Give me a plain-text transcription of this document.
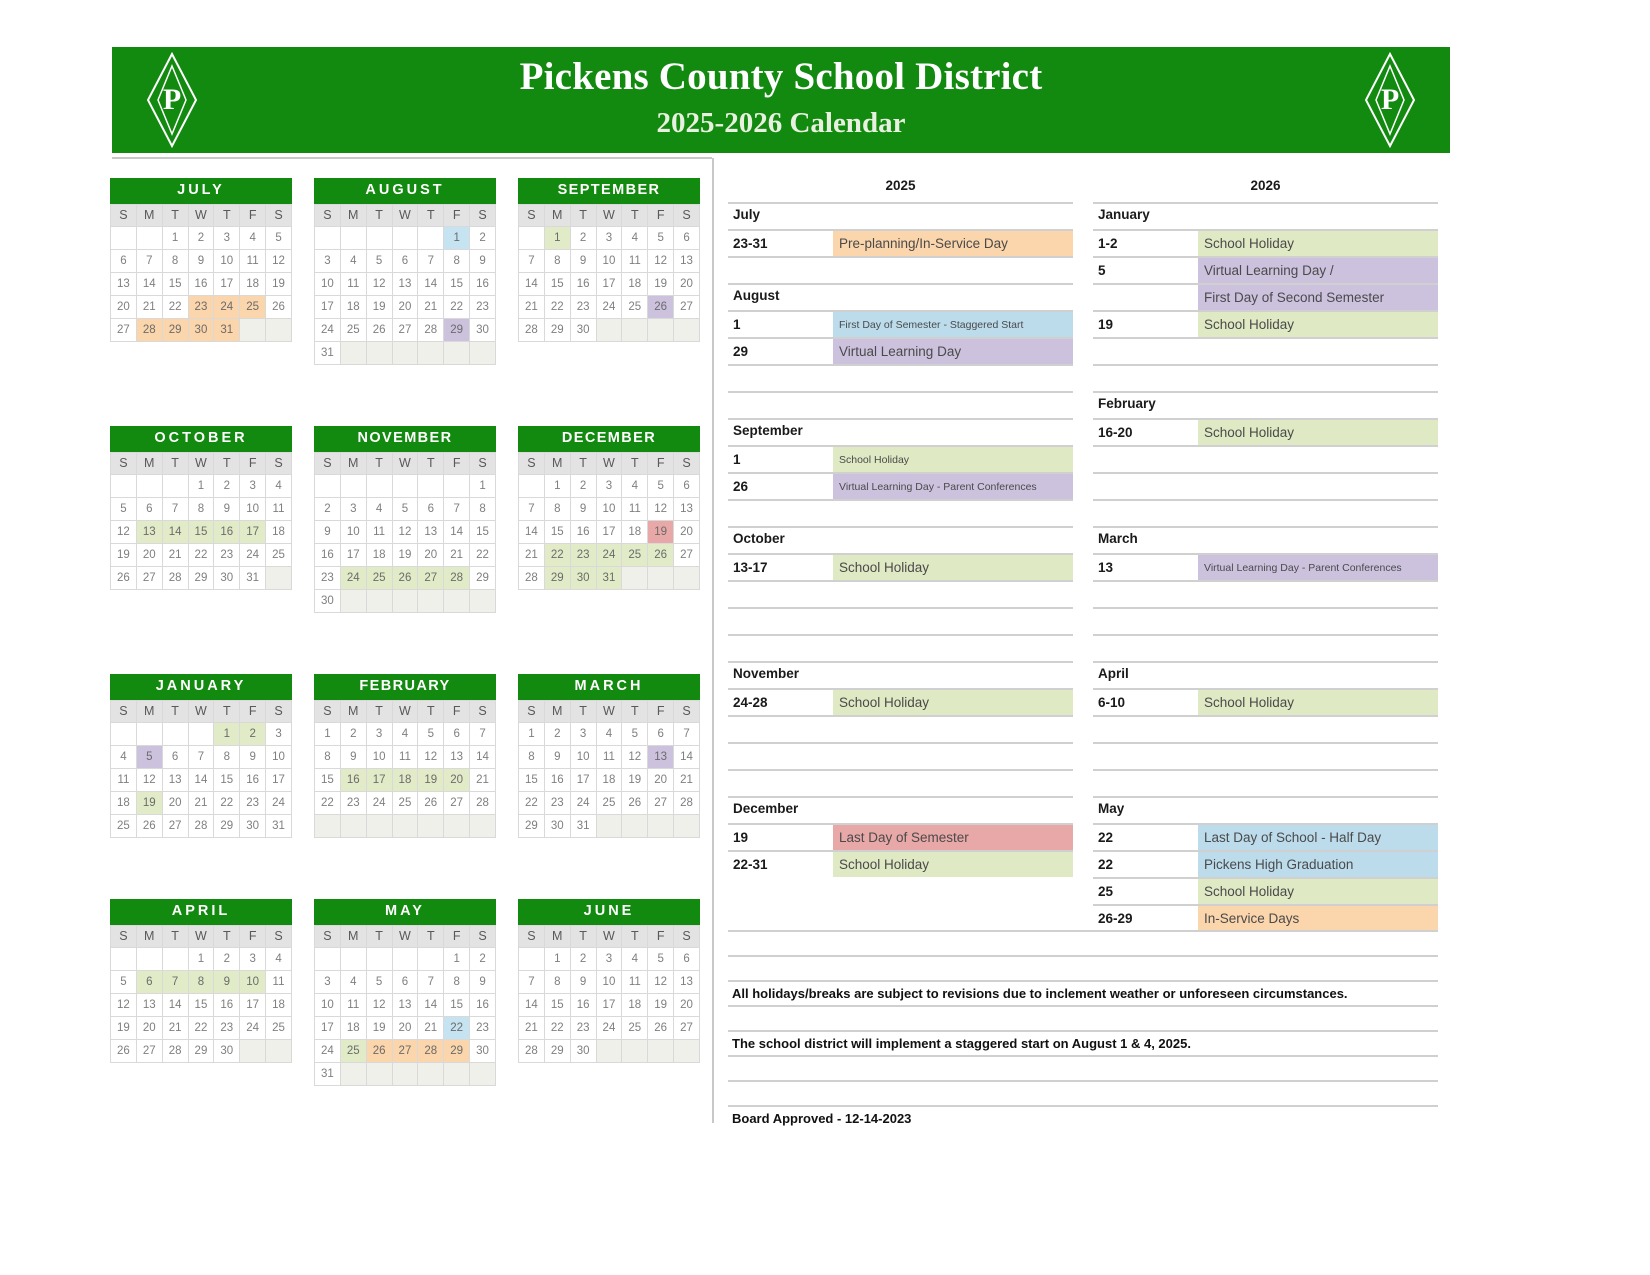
P
Pickens County School District
2025-2026 Calendar
P
JULY
S	M	T	W	T	F	S
		1	2	3	4	5
6	7	8	9	10	11	12
13	14	15	16	17	18	19
20	21	22	23	24	25	26
27	28	29	30	31		
AUGUST
S	M	T	W	T	F	S
					1	2
3	4	5	6	7	8	9
10	11	12	13	14	15	16
17	18	19	20	21	22	23
24	25	26	27	28	29	30
31						
SEPTEMBER
S	M	T	W	T	F	S
	1	2	3	4	5	6
7	8	9	10	11	12	13
14	15	16	17	18	19	20
21	22	23	24	25	26	27
28	29	30				
OCTOBER
S	M	T	W	T	F	S
			1	2	3	4
5	6	7	8	9	10	11
12	13	14	15	16	17	18
19	20	21	22	23	24	25
26	27	28	29	30	31	
NOVEMBER
S	M	T	W	T	F	S
						1
2	3	4	5	6	7	8
9	10	11	12	13	14	15
16	17	18	19	20	21	22
23	24	25	26	27	28	29
30						
DECEMBER
S	M	T	W	T	F	S
	1	2	3	4	5	6
7	8	9	10	11	12	13
14	15	16	17	18	19	20
21	22	23	24	25	26	27
28	29	30	31			
JANUARY
S	M	T	W	T	F	S
				1	2	3
4	5	6	7	8	9	10
11	12	13	14	15	16	17
18	19	20	21	22	23	24
25	26	27	28	29	30	31
FEBRUARY
S	M	T	W	T	F	S
1	2	3	4	5	6	7
8	9	10	11	12	13	14
15	16	17	18	19	20	21
22	23	24	25	26	27	28

MARCH
S	M	T	W	T	F	S
1	2	3	4	5	6	7
8	9	10	11	12	13	14
15	16	17	18	19	20	21
22	23	24	25	26	27	28
29	30	31				
APRIL
S	M	T	W	T	F	S
			1	2	3	4
5	6	7	8	9	10	11
12	13	14	15	16	17	18
19	20	21	22	23	24	25
26	27	28	29	30		
MAY
S	M	T	W	T	F	S
					1	2
3	4	5	6	7	8	9
10	11	12	13	14	15	16
17	18	19	20	21	22	23
24	25	26	27	28	29	30
31						
JUNE
S	M	T	W	T	F	S
	1	2	3	4	5	6
7	8	9	10	11	12	13
14	15	16	17	18	19	20
21	22	23	24	25	26	27
28	29	30				
2025
July
23-31	Pre-planning/In-Service Day

August
1	First Day of Semester - Staggered Start
29	Virtual Learning Day

September
1	School Holiday
26	Virtual Learning Day - Parent Conferences

October
13-17	School Holiday

November
24-28	School Holiday

December
19	Last Day of Semester
22-31	School Holiday
2026
January
1-2	School Holiday
5	Virtual Learning Day /
First Day of Second Semester
19	School Holiday

February
16-20	School Holiday

March
13	Virtual Learning Day - Parent Conferences

April
6-10	School Holiday

May
22	Last Day of School - Half Day
22	Pickens High Graduation
25	School Holiday
26-29	In-Service Days

All holidays/breaks are subject to revisions due to inclement weather or unforeseen circumstances.

The school district will implement a staggered start on August 1 & 4, 2025.

Board Approved - 12-14-2023
